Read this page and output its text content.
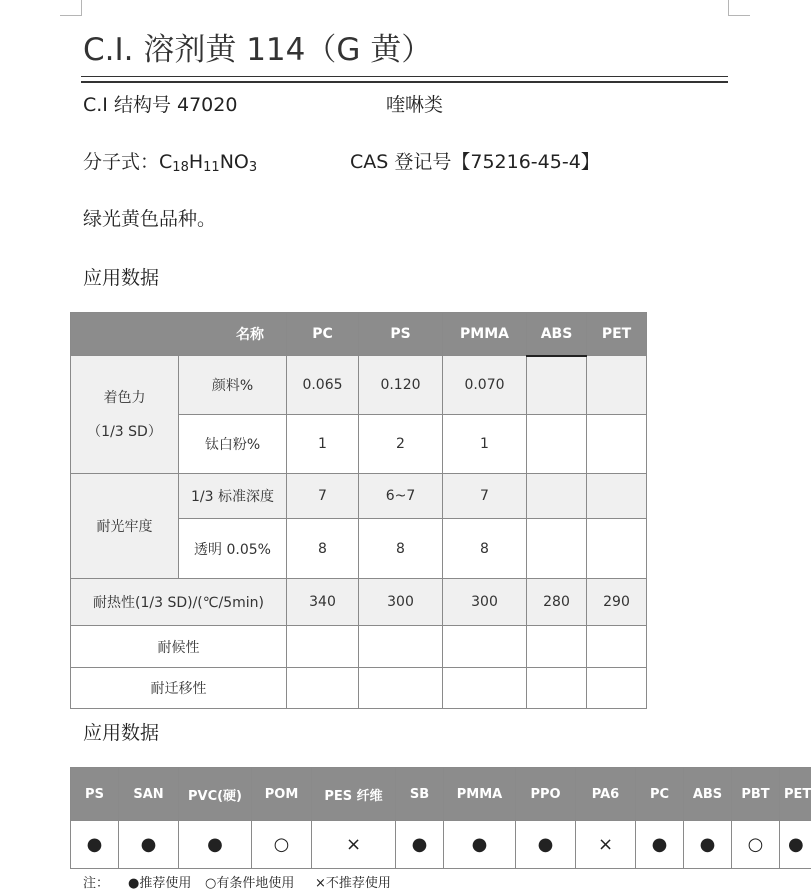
C.I. 溶剂黄 114（G 黄）
C.I 结构号 47020	喹啉类
分子式：$C_{18}H_{11}NO_3$	CAS 登记号【75216-45-4】
绿光黄色品种。
应用数据
名称		PC	PS	PMMA	ABS	PET

着色力
（1/3 SD）	颜料%	0.065	0.120	0.070		
	钛白粉%	1	2	1		
耐光牢度	1/3 标准深度	7	6~7	7		
	透明 0.05%	8	8	8		
耐热性(1/3 SD)/(℃/5min)		340	300	300	280	290
耐候性						
耐迁移性						
应用数据
PS	SAN	PVC(硬)	POM	PES 纤维	SB	PMMA	PPO	PA6	PC	ABS	PBT	PET
●	●	●	○	×	●	●	●	×	●	●	○	●
注： ●推荐使用 ○有条件地使用 ×不推荐使用
